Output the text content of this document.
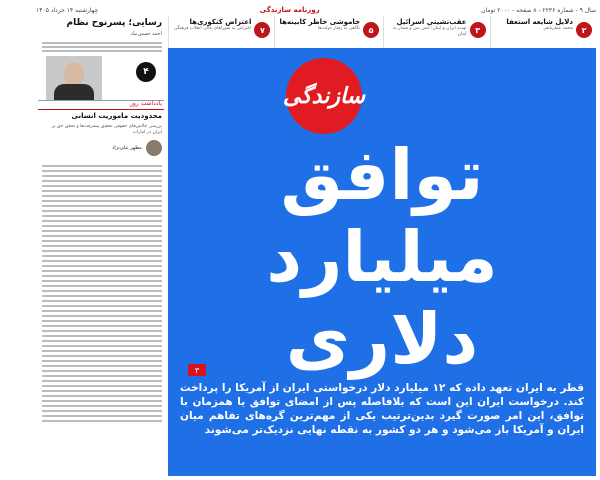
سال ۹ - شماره ۲۲۳۶ - ۸ صفحه - ۲۰۰۰ تومان
روزنامه سازندگی
چهارشنبه ۱۴ خرداد ۱۴۰۵
۲
دلایل شایعه استعفا
محمد عطریانفر
۳
عقب‌نشینی اسرائیل
تهدید ایران و لبنان؛ آتش بس و فشار به لبنان
۵
خاموشی خاطر کابینه‌ها
نگاهی به رفتار دولت‌ها
۷
اعتراض کنکوری‌ها
اعتراض به شوراهای عالی انقلاب فرهنگی
رسایی؛ پسرنوح نظام
احمد حسین‌نیک
۴
یادداشت روز
محدودیت ماموریت انسانی
بررسی چالش‌های حقوقی تحقیق پیشرفت‌ها و تحقق حق بر ایران در امارات
مظهر علی‌نژاد
سازندگی
توافق
میلیارد
دلاری
۳
قطر به ایران تعهد داده که ۱۲ میلیارد دلار درخواستی ایران از آمریکا را پرداخت کند. درخواست ایران این است که بلافاصله پس از امضای توافق یا همزمان با توافق، این امر صورت گیرد بدین‌ترتیب یکی از مهم‌ترین گره‌های تفاهم میان ایران و آمریکا باز می‌شود و هر دو کشور به نقطه نهایی نزدیک‌تر می‌شوند
